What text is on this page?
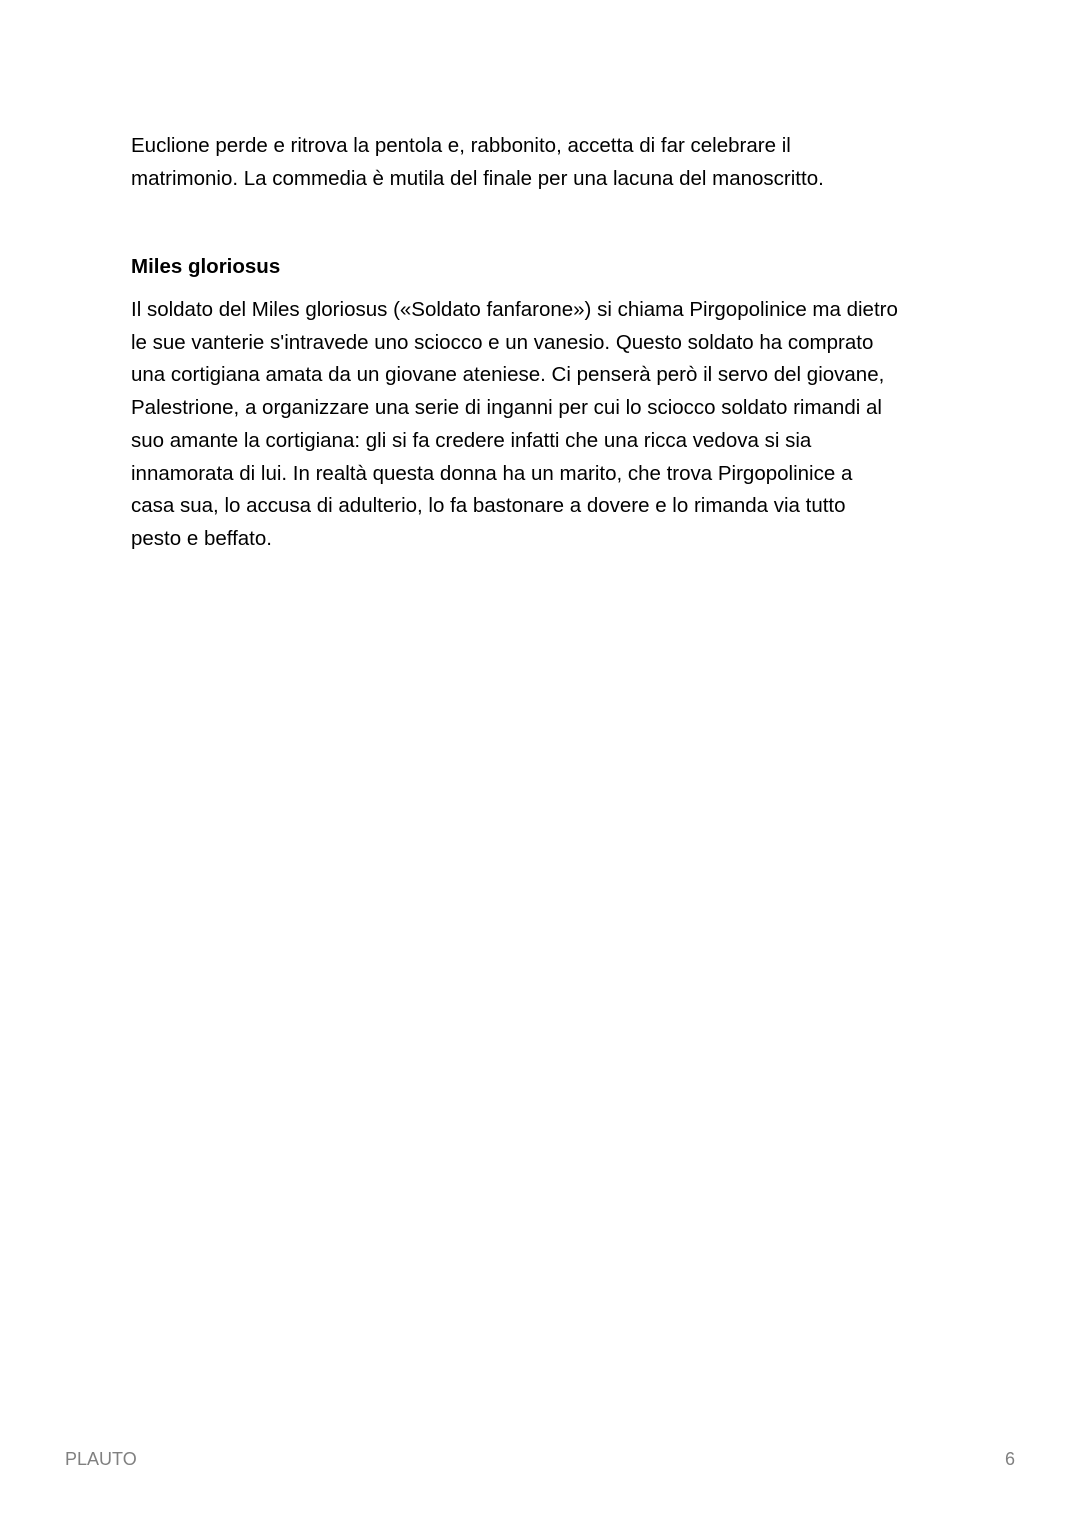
Euclione perde e ritrova la pentola e, rabbonito, accetta di far celebrare il
matrimonio. La commedia è mutila del finale per una lacuna del manoscritto.

Miles gloriosus

Il soldato del Miles gloriosus («Soldato fanfarone») si chiama Pirgopolinice ma dietro
le sue vanterie s'intravede uno sciocco e un vanesio. Questo soldato ha comprato
una cortigiana amata da un giovane ateniese. Ci penserà però il servo del giovane,
Palestrione, a organizzare una serie di inganni per cui lo sciocco soldato rimandi al
suo amante la cortigiana: gli si fa credere infatti che una ricca vedova si sia
innamorata di lui. In realtà questa donna ha un marito, che trova Pirgopolinice a
casa sua, lo accusa di adulterio, lo fa bastonare a dovere e lo rimanda via tutto
pesto e beffato.

PLAUTO	6
